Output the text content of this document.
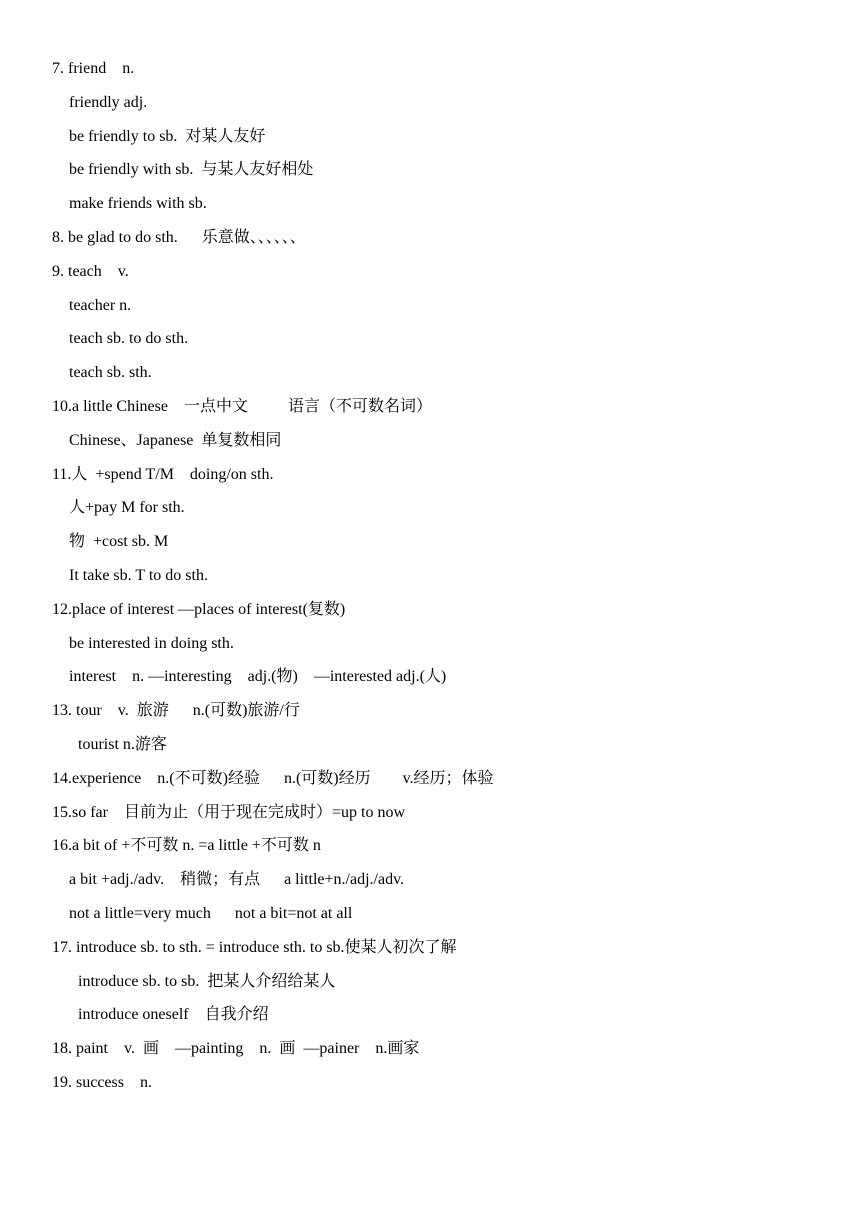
7. friend    n.
friendly adj.
be friendly to sb.  对某人友好
be friendly with sb.  与某人友好相处
make friends with sb.
8. be glad to do sth.      乐意做、、、、、、
9. teach    v.
teacher n.
teach sb. to do sth.
teach sb. sth.
10.a little Chinese    一点中文          语言（不可数名词）
Chinese、Japanese  单复数相同
11.人  +spend T/M    doing/on sth.
人+pay M for sth.
物  +cost sb. M
It take sb. T to do sth.
12.place of interest —places of interest(复数)
be interested in doing sth.
interest    n. —interesting    adj.(物)    —interested adj.(人)
13. tour    v.  旅游      n.(可数)旅游/行
tourist n.游客
14.experience    n.(不可数)经验      n.(可数)经历        v.经历；体验
15.so far    目前为止（用于现在完成时）=up to now
16.a bit of +不可数 n. =a little +不可数 n
a bit +adj./adv.    稍微；有点      a little+n./adj./adv.
not a little=very much      not a bit=not at all
17. introduce sb. to sth. = introduce sth. to sb.使某人初次了解
introduce sb. to sb.  把某人介绍给某人
introduce oneself    自我介绍
18. paint    v.  画    —painting    n.  画  —painer    n.画家
19. success    n.
